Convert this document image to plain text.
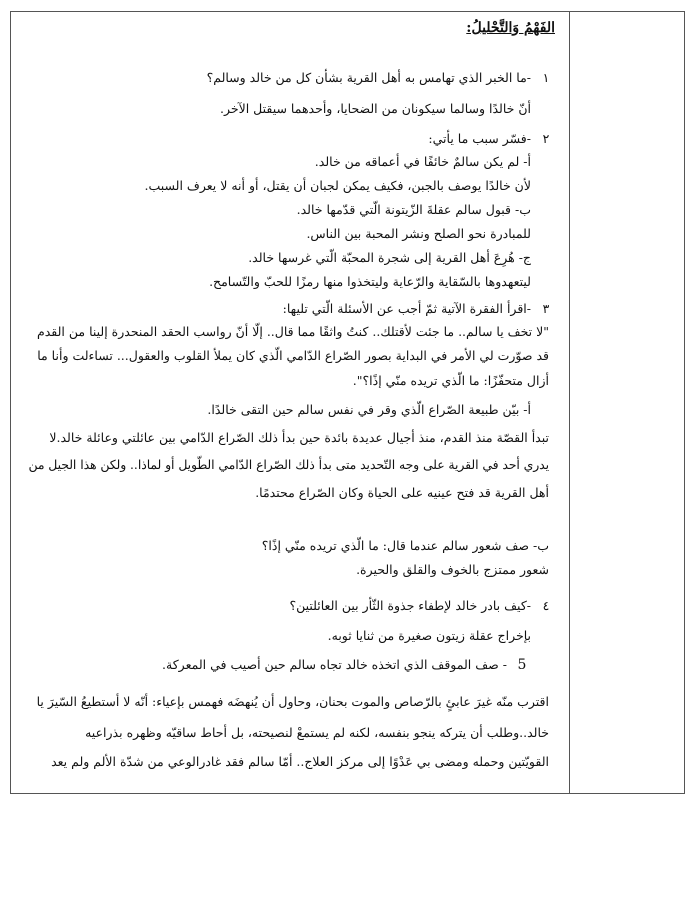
الفَهْمُ وَالتَّحْليلُ:
١-ما الخبر الذي تهامس به أهل القرية بشأن كل من خالد وسالم؟
أنّ خالدًا وسالما سيكونان من الضحايا، وأحدهما سيقتل الآخر.
٢-فسّر سبب ما يأتي:
أ- لم يكن سالمٌ خائفًا في أعماقه من خالد.
لأن خالدًا يوصف بالجبن، فكيف يمكن لجبان أن يقتل، أو أنه لا يعرف السبب.
ب- قبول سالم عقلةَ الزّيتونة الّتي قدّمها خالد.
للمبادرة نحو الصلح ونشر المحبة بين الناس.
ج- هُرِعَ أهل القرية إلى شجرة المحبّة الّتي غرسها خالد.
ليتعهدوها بالسّقاية والرّعاية وليتخذوا منها رمزًا للحبّ والتّسامح.
٣-اقرأ الفقرة الآتية ثمّ أجب عن الأسئلة الّتي تليها:
"لا تخف يا سالم.. ما جئت لأقتلك.. كنتُ واثقًا مما قال.. إلّا أنّ رواسب الحقد المنحدرة إلينا من القدم
قد صوّرت لي الأمر في البداية بصور الصّراع الدّامي الّذي كان يملأ القلوب والعقول... تساءلت وأنا ما
أزال متحفّزًا: ما الّذي تريده منّي إذًا؟".
أ- بيّن طبيعة الصّراع الّذي وقر في نفس سالم حين التقى خالدًا.
تبدأ القصّة منذ القدم، منذ أجيال عديدة بائدة حين بدأ ذلك الصّراع الدّامي بين عائلتي وعائلة خالد.لا
يدري أحد في القرية على وجه التّحديد متى بدأ ذلك الصّراع الدّامي الطّويل أو لماذا.. ولكن هذا الجيل من
أهل القرية قد فتح عينيه على الحياة وكان الصّراع محتدمًا.
ب- صف شعور سالم عندما قال: ما الّذي تريده منّي إذًا؟
شعور ممتزج بالخوف والقلق والحيرة.
٤-كيف بادر خالد لإطفاء جذوة الثّأر بين العائلتين؟
بإخراج عقلة زيتون صغيرة من ثنايا ثوبه.
5- صف الموقف الذي اتخذه خالد تجاه سالم حين أصيب في المعركة.
اقترب منّه غيرَ عابئٍ بالرّصاص والموت بحنان، وحاول أن يُنهضَه فهمس بإعياء: أنّه لا أستطيعُ السّيرَ يا
خالد..وطلب أن يتركه ينجو بنفسه، لكنه لم يستمعْ لنصيحته، بل أحاط ساقيّه وظهره بذراعيه
القويّتين وحمله ومضى بي عَدْوًا إلى مركز العلاج.. أمّا سالم فقد غادرالوعي من شدّة الألم ولم يعد
